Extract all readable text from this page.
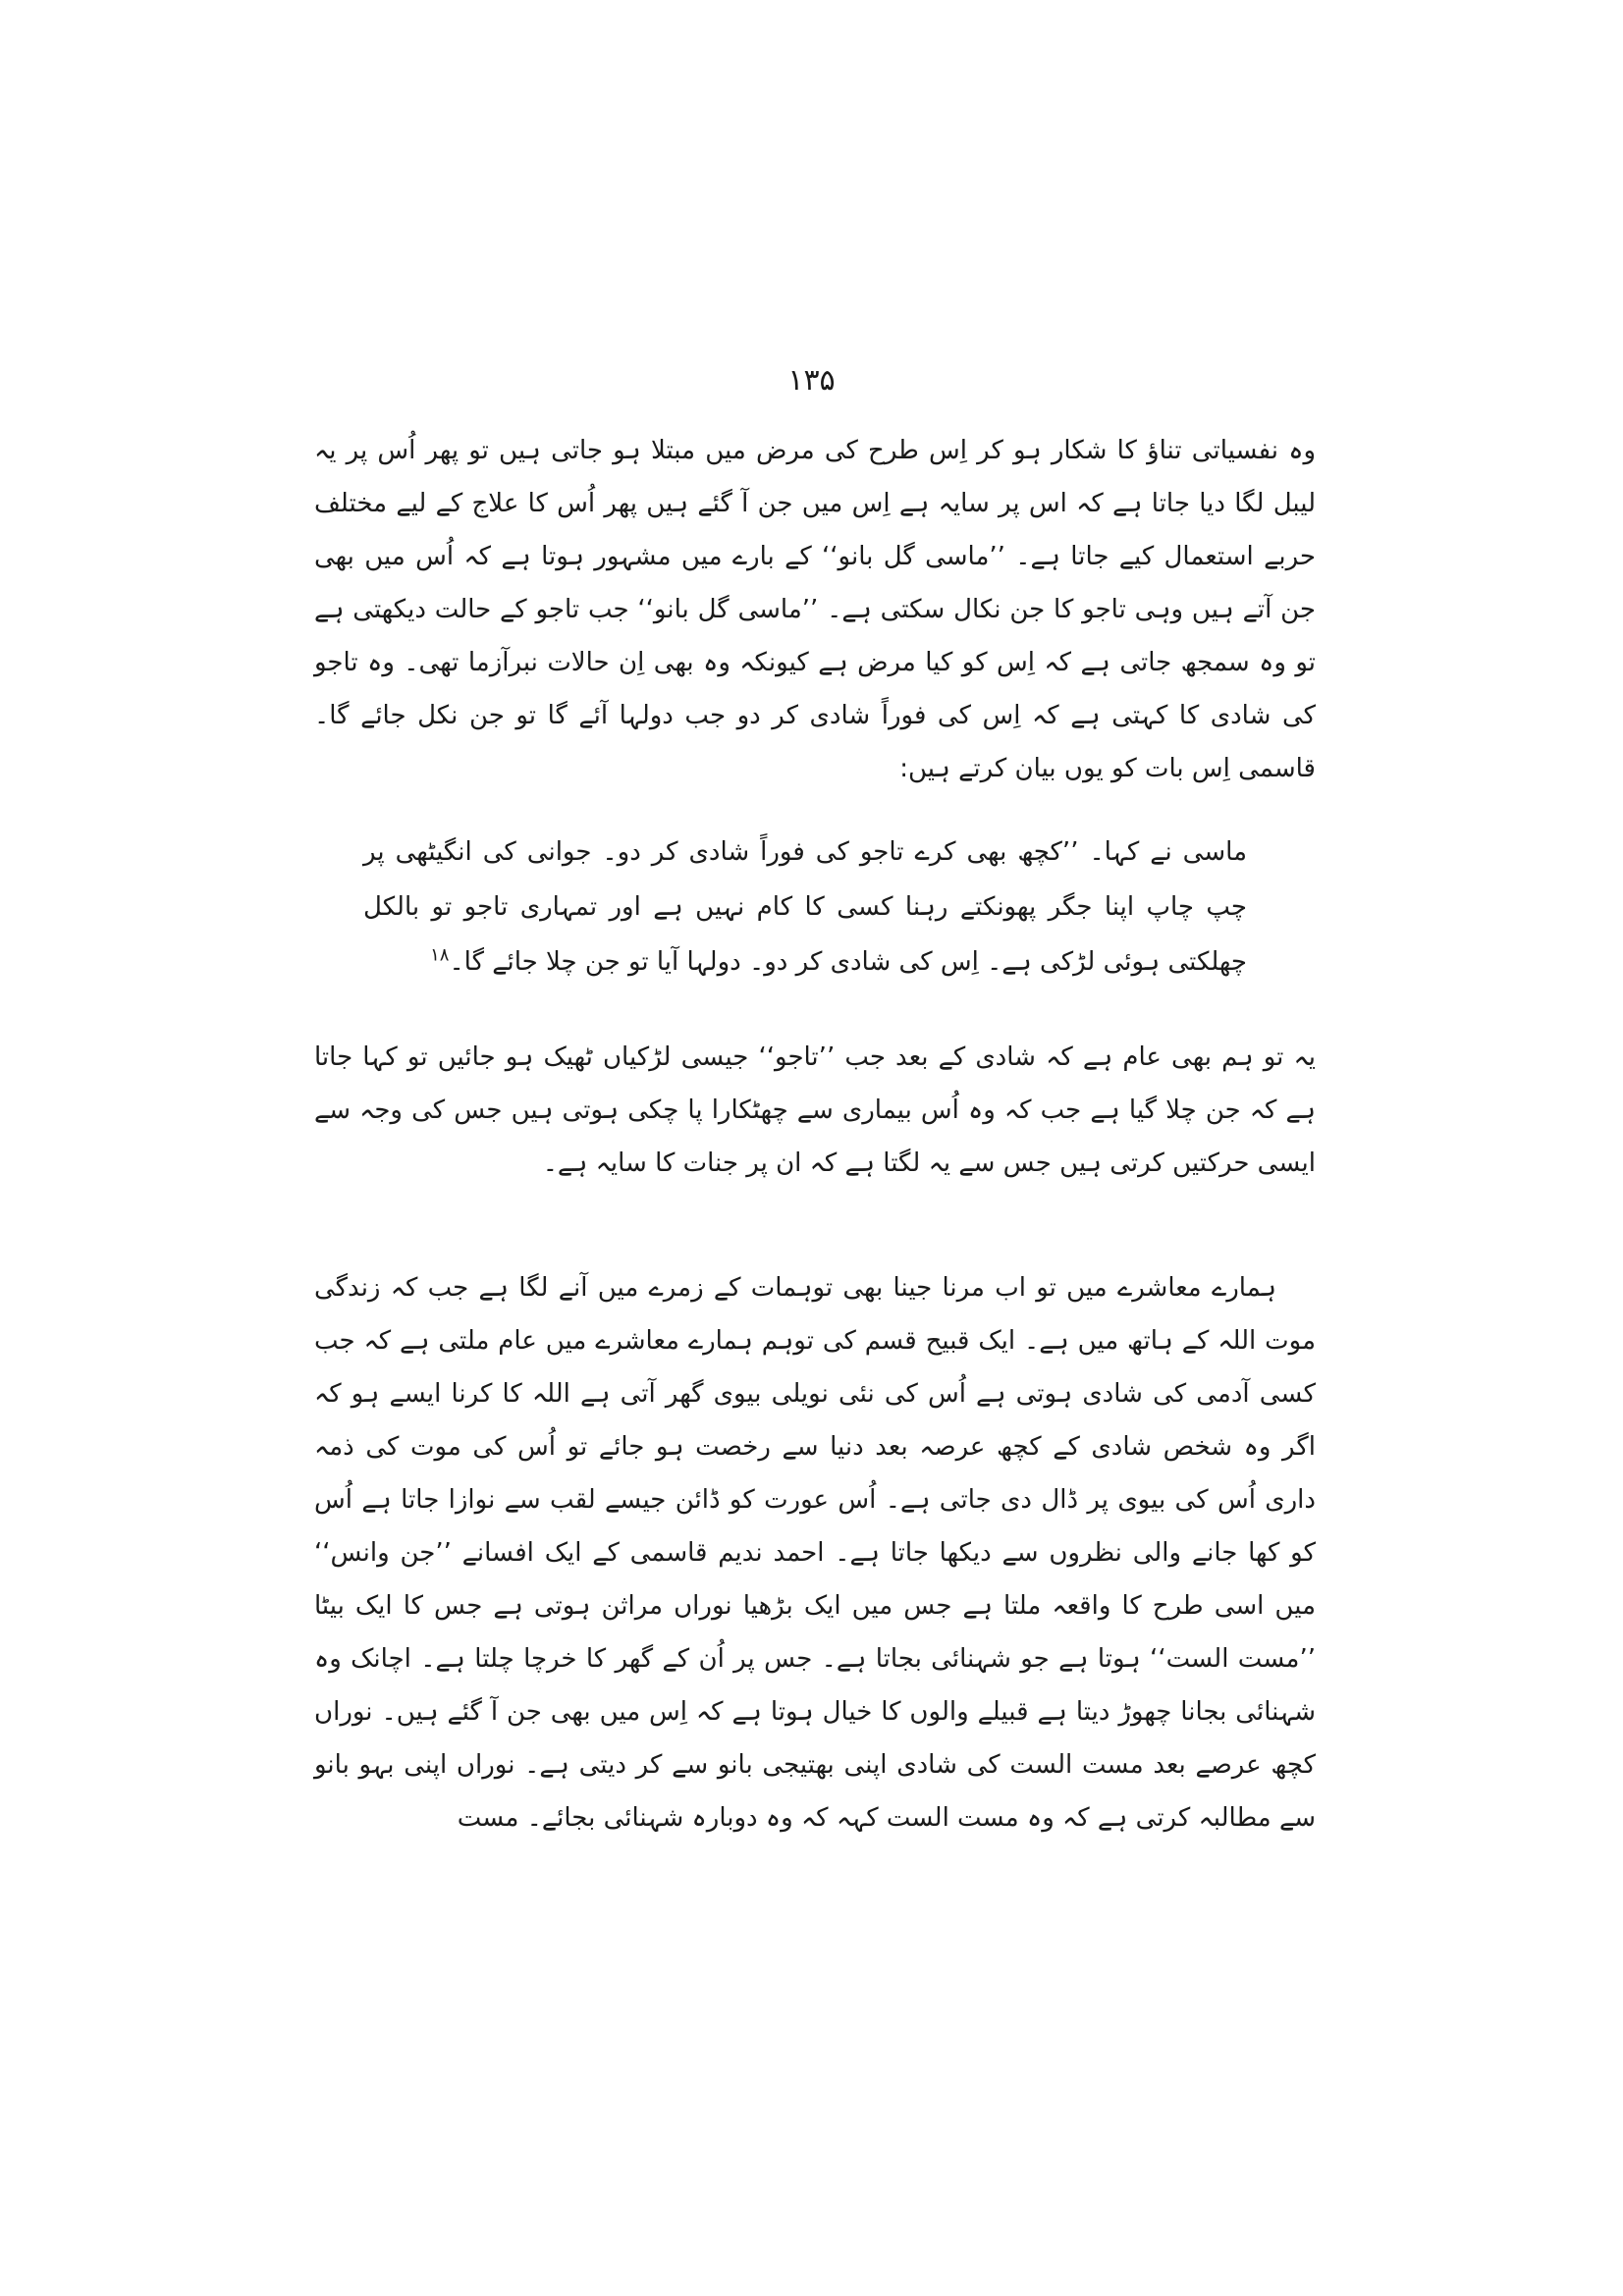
۱۳۵

وہ نفسیاتی تناؤ کا شکار ہو کر اِس طرح کی مرض میں مبتلا ہو جاتی ہیں تو پھر اُس پر یہ لیبل لگا دیا جاتا ہے کہ اس پر سایہ ہے اِس میں جن آ گئے ہیں پھر اُس کا علاج کے لیے مختلف حربے استعمال کیے جاتا ہے۔ ’’ماسی گل بانو‘‘ کے بارے میں مشہور ہوتا ہے کہ اُس میں بھی جن آتے ہیں وہی تاجو کا جن نکال سکتی ہے۔ ’’ماسی گل بانو‘‘ جب تاجو کے حالت دیکھتی ہے تو وہ سمجھ جاتی ہے کہ اِس کو کیا مرض ہے کیونکہ وہ بھی اِن حالات نبرآزما تھی۔ وہ تاجو کی شادی کا کہتی ہے کہ اِس کی فوراً شادی کر دو جب دولہا آئے گا تو جن نکل جائے گا۔ قاسمی اِس بات کو یوں بیان کرتے ہیں:

ماسی نے کہا۔ ’’کچھ بھی کرے تاجو کی فوراً شادی کر دو۔ جوانی کی انگیٹھی پر چپ چاپ اپنا جگر پھونکتے رہنا کسی کا کام نہیں ہے اور تمہاری تاجو تو بالکل چھلکتی ہوئی لڑکی ہے۔ اِس کی شادی کر دو۔ دولہا آیا تو جن چلا جائے گا۔$^{۱۸}$

یہ تو ہم بھی عام ہے کہ شادی کے بعد جب ’’تاجو‘‘ جیسی لڑکیاں ٹھیک ہو جائیں تو کہا جاتا ہے کہ جن چلا گیا ہے جب کہ وہ اُس بیماری سے چھٹکارا پا چکی ہوتی ہیں جس کی وجہ سے ایسی حرکتیں کرتی ہیں جس سے یہ لگتا ہے کہ ان پر جنات کا سایہ ہے۔

ہمارے معاشرے میں تو اب مرنا جینا بھی توہمات کے زمرے میں آنے لگا ہے جب کہ زندگی موت اللہ کے ہاتھ میں ہے۔ ایک قبیح قسم کی توہم ہمارے معاشرے میں عام ملتی ہے کہ جب کسی آدمی کی شادی ہوتی ہے اُس کی نئی نویلی بیوی گھر آتی ہے اللہ کا کرنا ایسے ہو کہ اگر وہ شخص شادی کے کچھ عرصہ بعد دنیا سے رخصت ہو جائے تو اُس کی موت کی ذمہ داری اُس کی بیوی پر ڈال دی جاتی ہے۔ اُس عورت کو ڈائن جیسے لقب سے نوازا جاتا ہے اُس کو کھا جانے والی نظروں سے دیکھا جاتا ہے۔ احمد ندیم قاسمی کے ایک افسانے ’’جن وانس‘‘ میں اسی طرح کا واقعہ ملتا ہے جس میں ایک بڑھیا نوراں مراثن ہوتی ہے جس کا ایک بیٹا ’’مست الست‘‘ ہوتا ہے جو شہنائی بجاتا ہے۔ جس پر اُن کے گھر کا خرچا چلتا ہے۔ اچانک وہ شہنائی بجانا چھوڑ دیتا ہے قبیلے والوں کا خیال ہوتا ہے کہ اِس میں بھی جن آ گئے ہیں۔ نوراں کچھ عرصے بعد مست الست کی شادی اپنی بھتیجی بانو سے کر دیتی ہے۔ نوراں اپنی بہو بانو سے مطالبہ کرتی ہے کہ وہ مست الست کہہ کہ وہ دوبارہ شہنائی بجائے۔ مست
